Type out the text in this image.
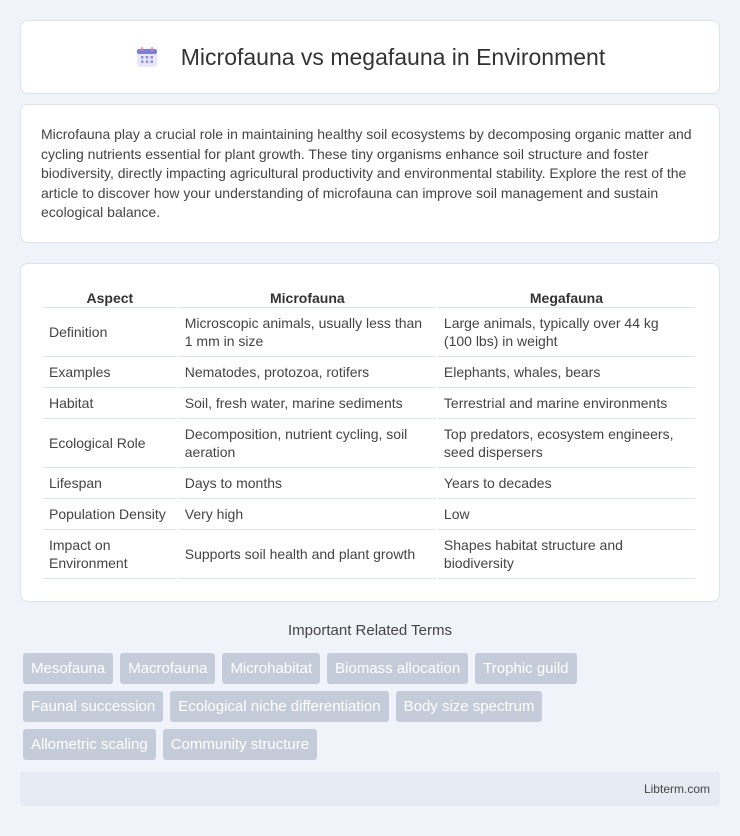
Microfauna vs megafauna in Environment

Microfauna play a crucial role in maintaining healthy soil ecosystems by decomposing organic matter and cycling nutrients essential for plant growth. These tiny organisms enhance soil structure and foster biodiversity, directly impacting agricultural productivity and environmental stability. Explore the rest of the article to discover how your understanding of microfauna can improve soil management and sustain ecological balance.

Aspect	Microfauna	Megafauna
Definition	Microscopic animals, usually less than 1 mm in size	Large animals, typically over 44 kg (100 lbs) in weight
Examples	Nematodes, protozoa, rotifers	Elephants, whales, bears
Habitat	Soil, fresh water, marine sediments	Terrestrial and marine environments
Ecological Role	Decomposition, nutrient cycling, soil aeration	Top predators, ecosystem engineers, seed dispersers
Lifespan	Days to months	Years to decades
Population Density	Very high	Low
Impact on Environment	Supports soil health and plant growth	Shapes habitat structure and biodiversity
Important Related Terms
Mesofauna	Macrofauna	Microhabitat	Biomass allocation	Trophic guild
Faunal succession	Ecological niche differentiation	Body size spectrum
Allometric scaling	Community structure
Libterm.com
